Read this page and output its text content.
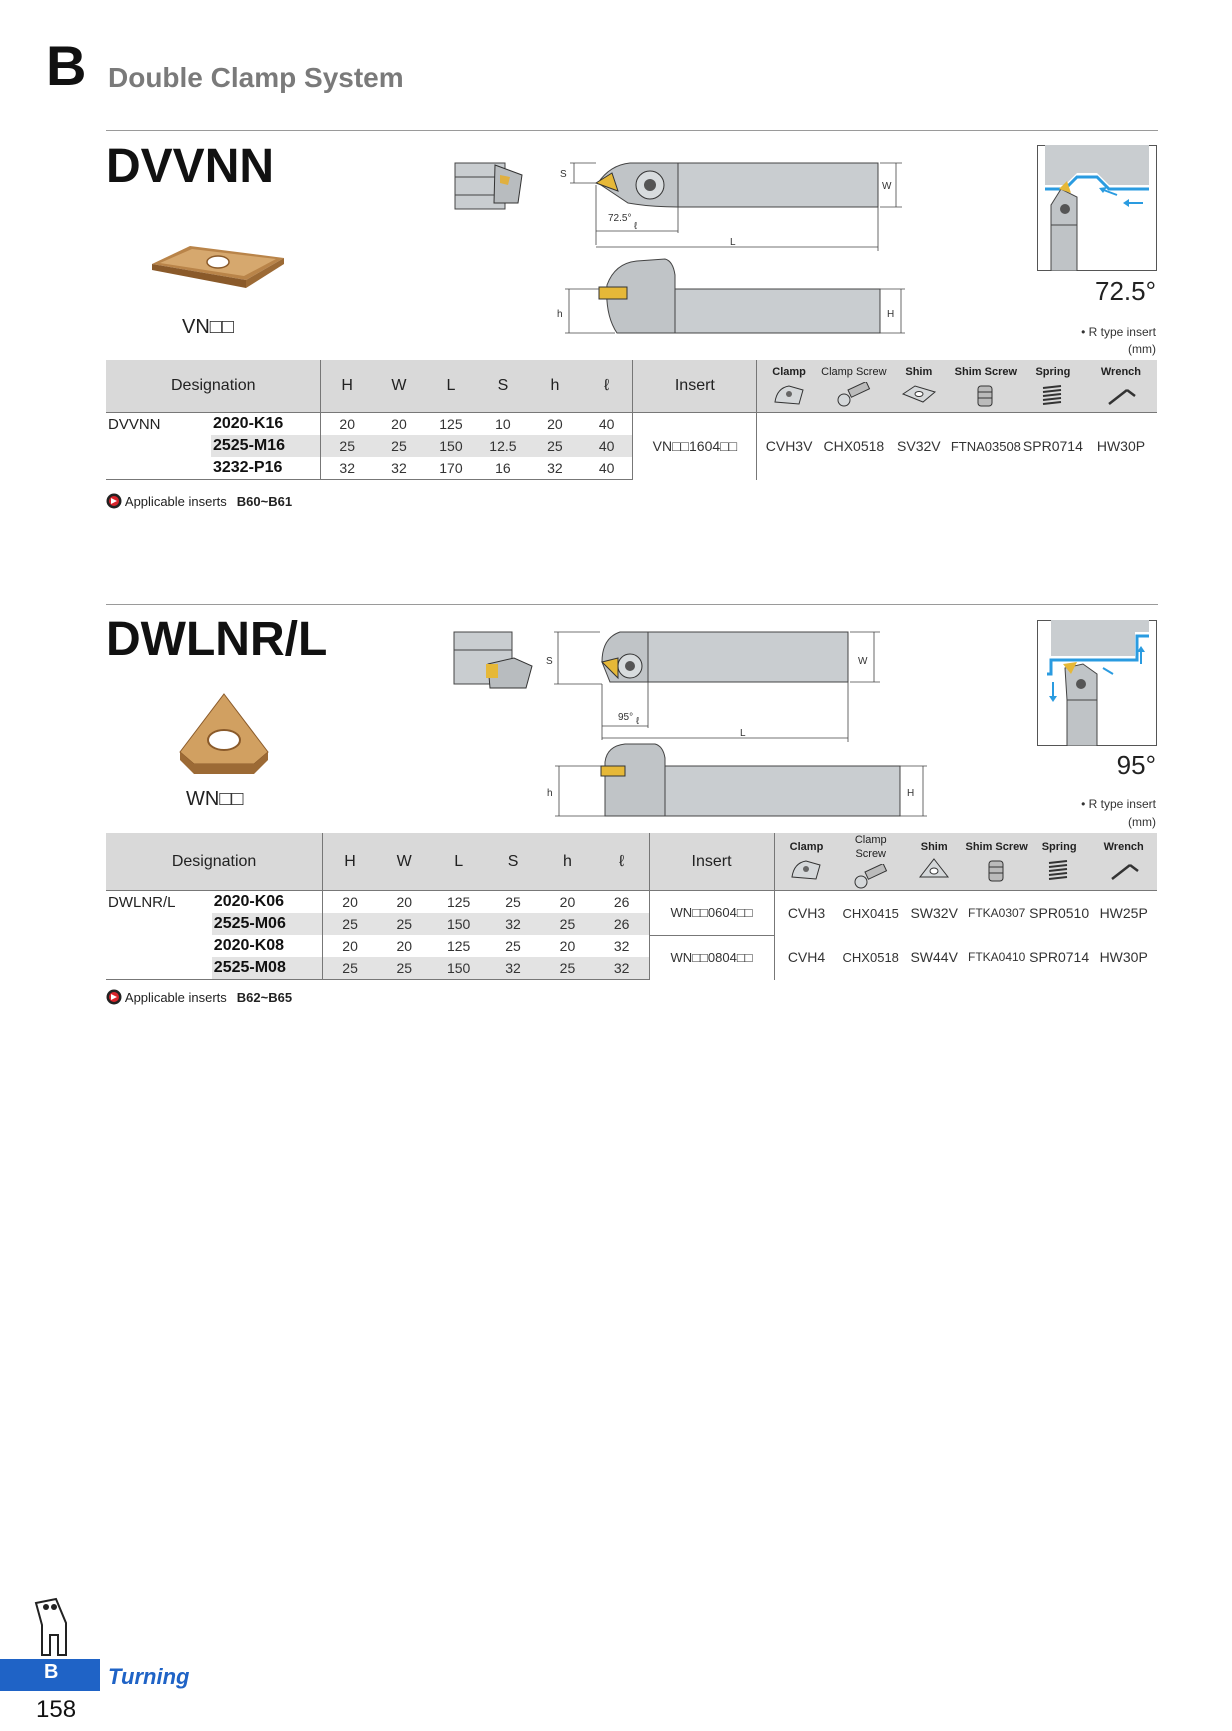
B Double Clamp System
DVVNN
VN□□
S
W
72.5°
ℓ
L
h	H
72.5°
• R type insert
(mm)
Designation		H	W	L	S	h	ℓ	Insert	Clamp	Clamp Screw	Shim	Shim Screw	Spring	Wrench

DVVNN	2020-K16	20	20	125	10	20	40	VN□□1604□□	CVH3V	CHX0518	SV32V	FTNA03508	SPR0714	HW30P
	2525-M16	25	25	150	12.5	25	40							
	3232-P16	32	32	170	16	32	40							
Applicable inserts B60~B61
DWLNR/L
WN□□
S	W
95° ℓ
L
h	H
95°
• R type insert
(mm)
Designation		H	W	L	S	h	ℓ	Insert	Clamp	Clamp Screw	Shim	Shim Screw	Spring	Wrench

DWLNR/L	2020-K06	20	20	125	25	20	26	WN□□0604□□	CVH3	CHX0415	SW32V	FTKA0307	SPR0510	HW25P
	2525-M06	25	25	150	32	25	26							
	2020-K08	20	20	125	25	20	32	WN□□0804□□	CVH4	CHX0518	SW44V	FTKA0410	SPR0714	HW30P
	2525-M08	25	25	150	32	25	32							
Applicable inserts B62~B65
B Turning
158
